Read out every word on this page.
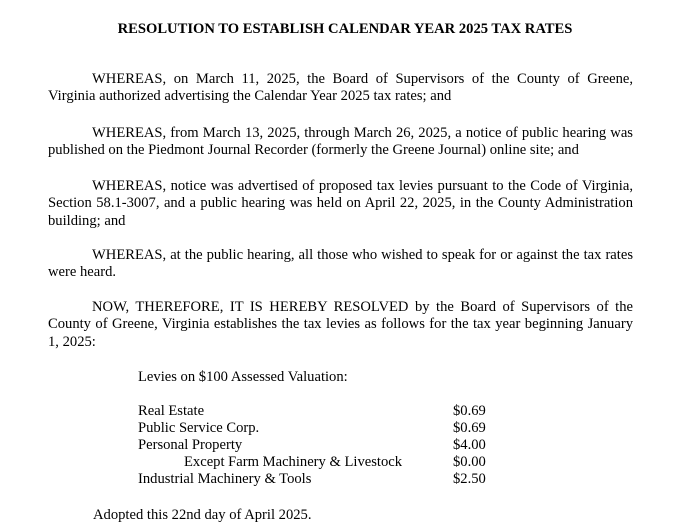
RESOLUTION TO ESTABLISH CALENDAR YEAR 2025 TAX RATES
WHEREAS, on March 11, 2025, the Board of Supervisors of the County of Greene,
Virginia authorized advertising the Calendar Year 2025 tax rates; and
WHEREAS, from March 13, 2025, through March 26, 2025, a notice of public hearing was
published on the Piedmont Journal Recorder (formerly the Greene Journal) online site; and
WHEREAS, notice was advertised of proposed tax levies pursuant to the Code of Virginia,
Section 58.1-3007, and a public hearing was held on April 22, 2025, in the County Administration building; and
WHEREAS, at the public hearing, all those who wished to speak for or against the tax rates
were heard.
NOW, THEREFORE, IT IS HEREBY RESOLVED by the Board of Supervisors of the
County of Greene, Virginia establishes the tax levies as follows for the tax year beginning January 1, 2025:
Levies on $100 Assessed Valuation:
Real Estate	$0.69
Public Service Corp.	$0.69
Personal Property	$4.00
Except Farm Machinery & Livestock	$0.00
Industrial Machinery & Tools	$2.50
Adopted this 22nd day of April 2025.
